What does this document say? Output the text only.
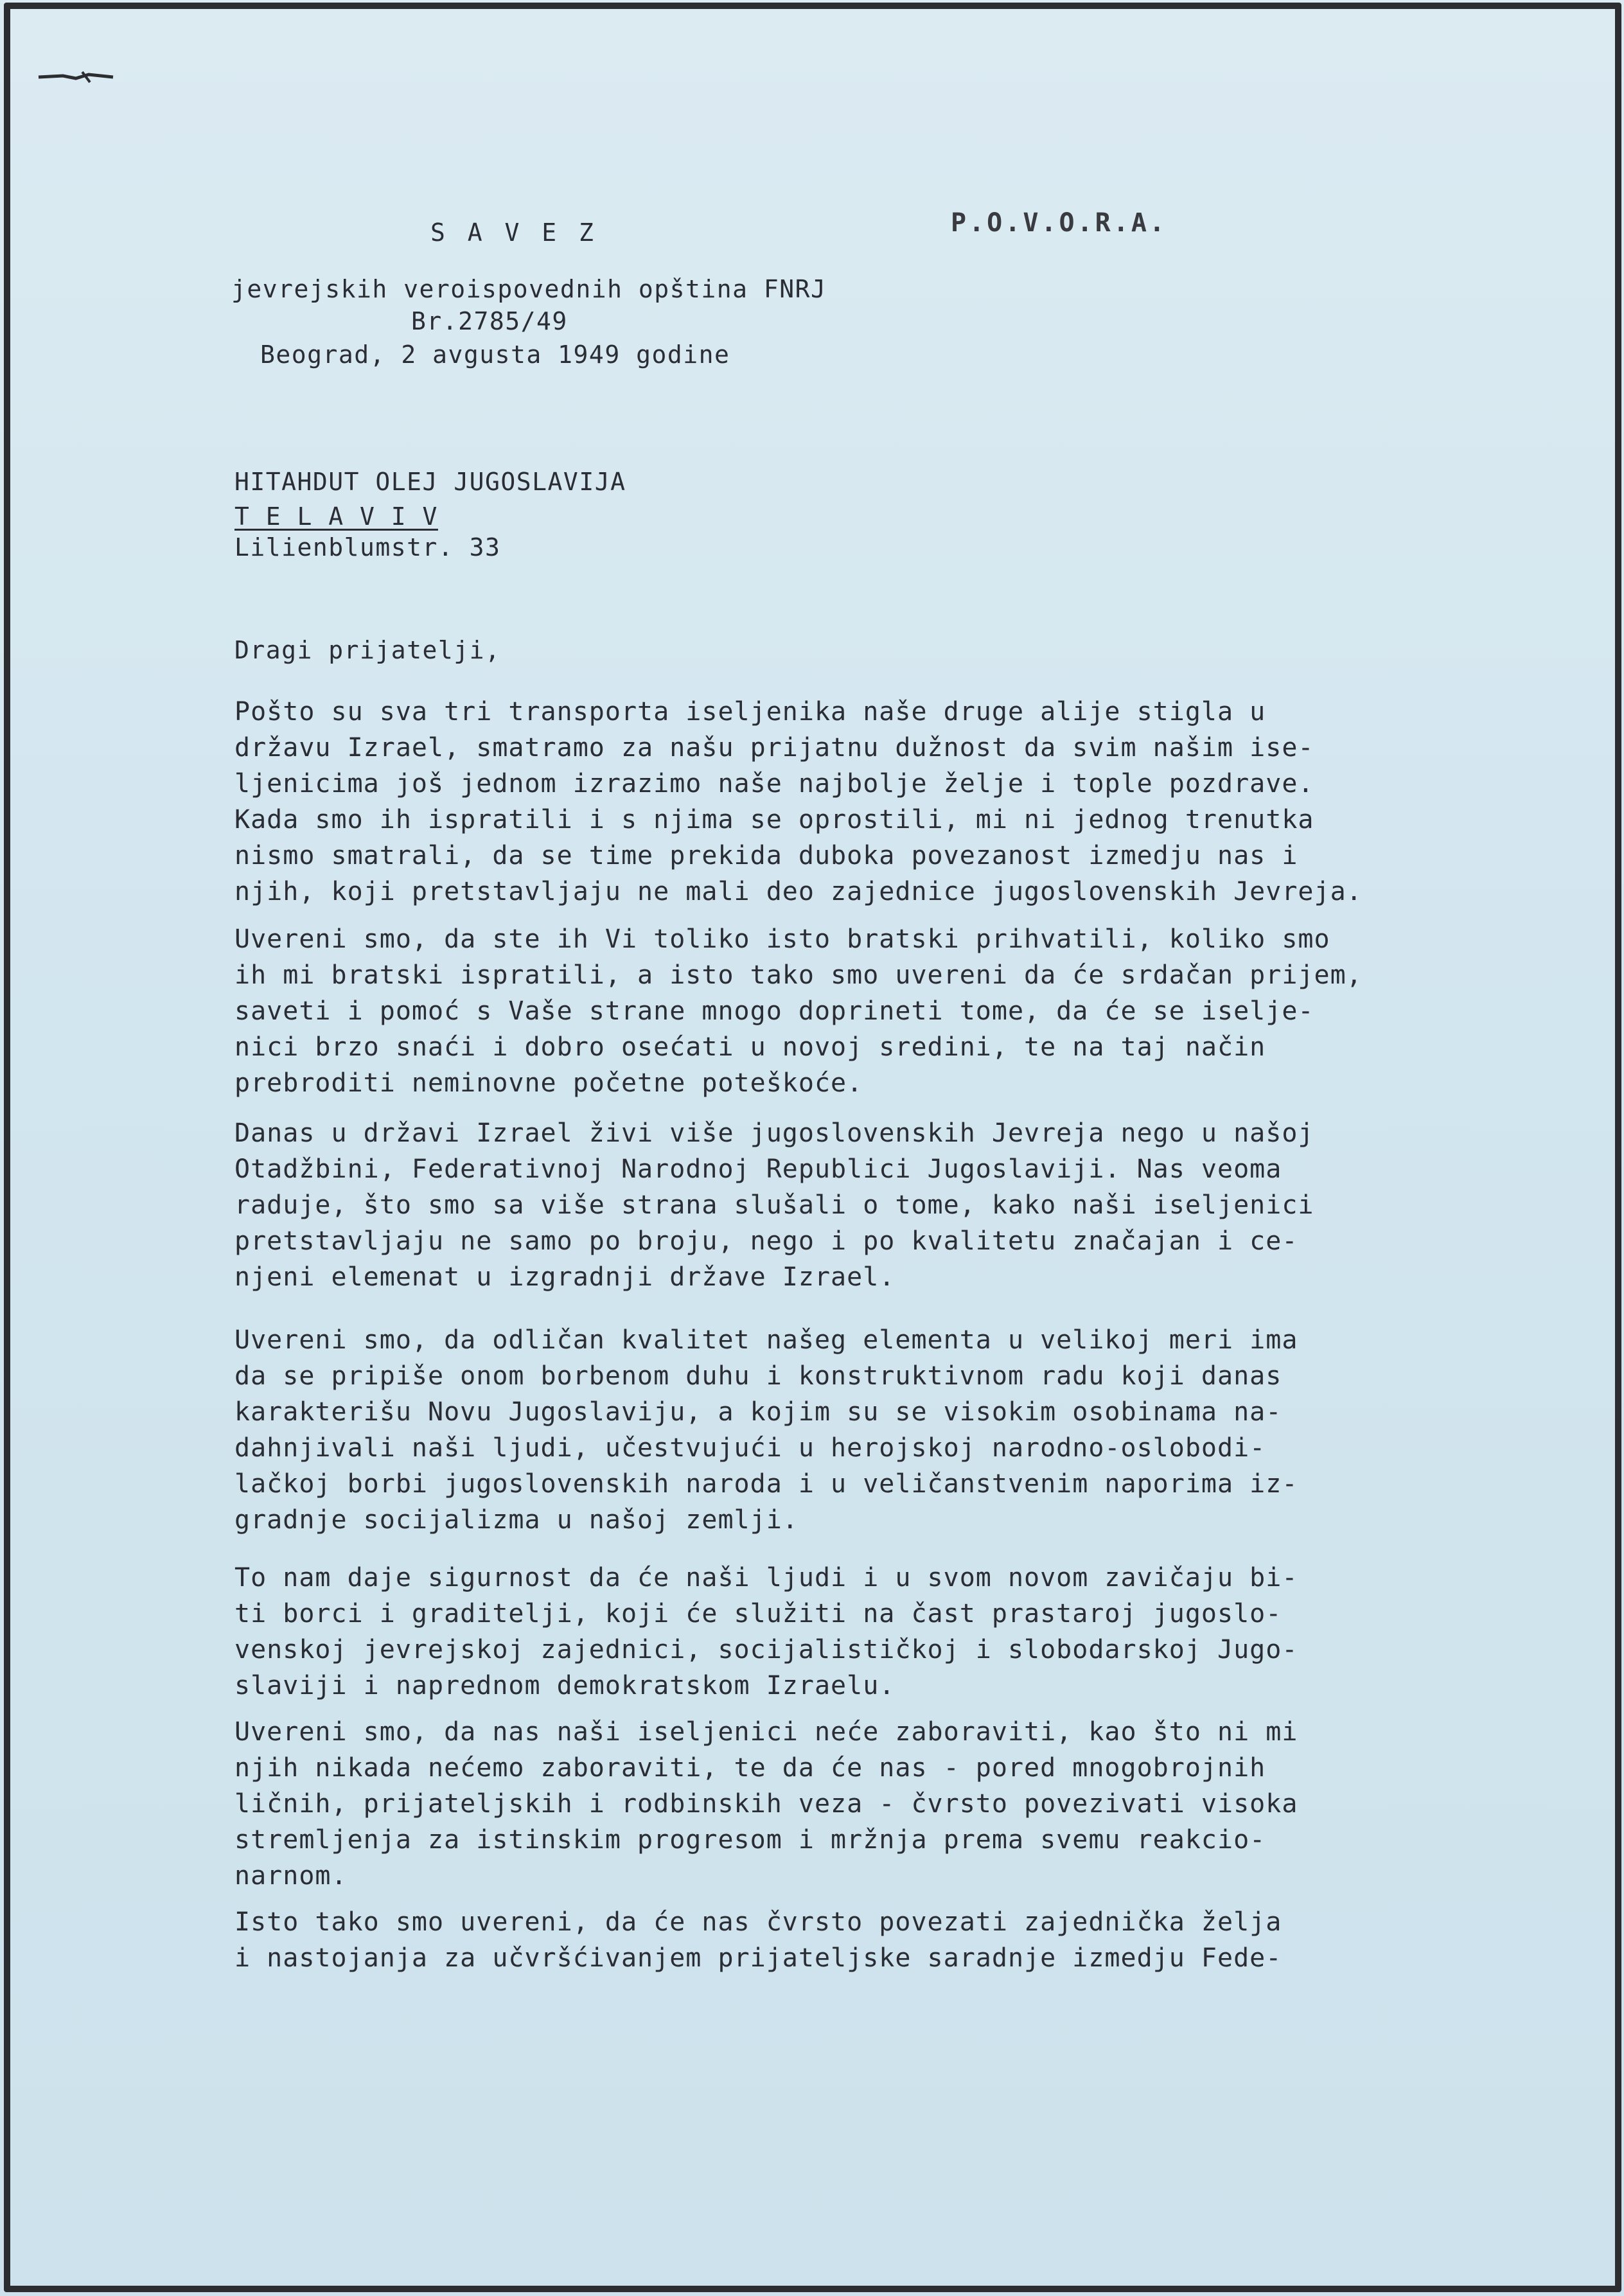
P.O.V.O.R.A.
S A V E Z
jevrejskih veroispovednih opština FNRJ
Br.2785/49
Beograd, 2 avgusta 1949 godine
HITAHDUT OLEJ JUGOSLAVIJA
T E L A V I V
Lilienblumstr. 33
Dragi prijatelji,

Pošto su sva tri transporta iseljenika naše druge alije stigla u

državu Izrael, smatramo za našu prijatnu dužnost da svim našim ise-

ljenicima još jednom izrazimo naše najbolje želje i tople pozdrave.

Kada smo ih ispratili i s njima se oprostili, mi ni jednog trenutka

nismo smatrali, da se time prekida duboka povezanost izmedju nas i

njih, koji pretstavljaju ne mali deo zajednice jugoslovenskih Jevreja.

Uvereni smo, da ste ih Vi toliko isto bratski prihvatili, koliko smo

ih mi bratski ispratili, a isto tako smo uvereni da će srdačan prijem,

saveti i pomoć s Vaše strane mnogo doprineti tome, da će se iselje-

nici brzo snaći i dobro osećati u novoj sredini, te na taj način

prebroditi neminovne početne poteškoće.

Danas u državi Izrael živi više jugoslovenskih Jevreja nego u našoj

Otadžbini, Federativnoj Narodnoj Republici Jugoslaviji. Nas veoma

raduje, što smo sa više strana slušali o tome, kako naši iseljenici

pretstavljaju ne samo po broju, nego i po kvalitetu značajan i ce-

njeni elemenat u izgradnji države Izrael.

Uvereni smo, da odličan kvalitet našeg elementa u velikoj meri ima

da se pripiše onom borbenom duhu i konstruktivnom radu koji danas

karakterišu Novu Jugoslaviju, a kojim su se visokim osobinama na-

dahnjivali naši ljudi, učestvujući u herojskoj narodno-oslobodi-

lačkoj borbi jugoslovenskih naroda i u veličanstvenim naporima iz-

gradnje socijalizma u našoj zemlji.

To nam daje sigurnost da će naši ljudi i u svom novom zavičaju bi-

ti borci i graditelji, koji će služiti na čast prastaroj jugoslo-

venskoj jevrejskoj zajednici, socijalističkoj i slobodarskoj Jugo-

slaviji i naprednom demokratskom Izraelu.

Uvereni smo, da nas naši iseljenici neće zaboraviti, kao što ni mi

njih nikada nećemo zaboraviti, te da će nas - pored mnogobrojnih

ličnih, prijateljskih i rodbinskih veza - čvrsto povezivati visoka

stremljenja za istinskim progresom i mržnja prema svemu reakcio-

narnom.

Isto tako smo uvereni, da će nas čvrsto povezati zajednička želja

i nastojanja za učvršćivanjem prijateljske saradnje izmedju Fede-
